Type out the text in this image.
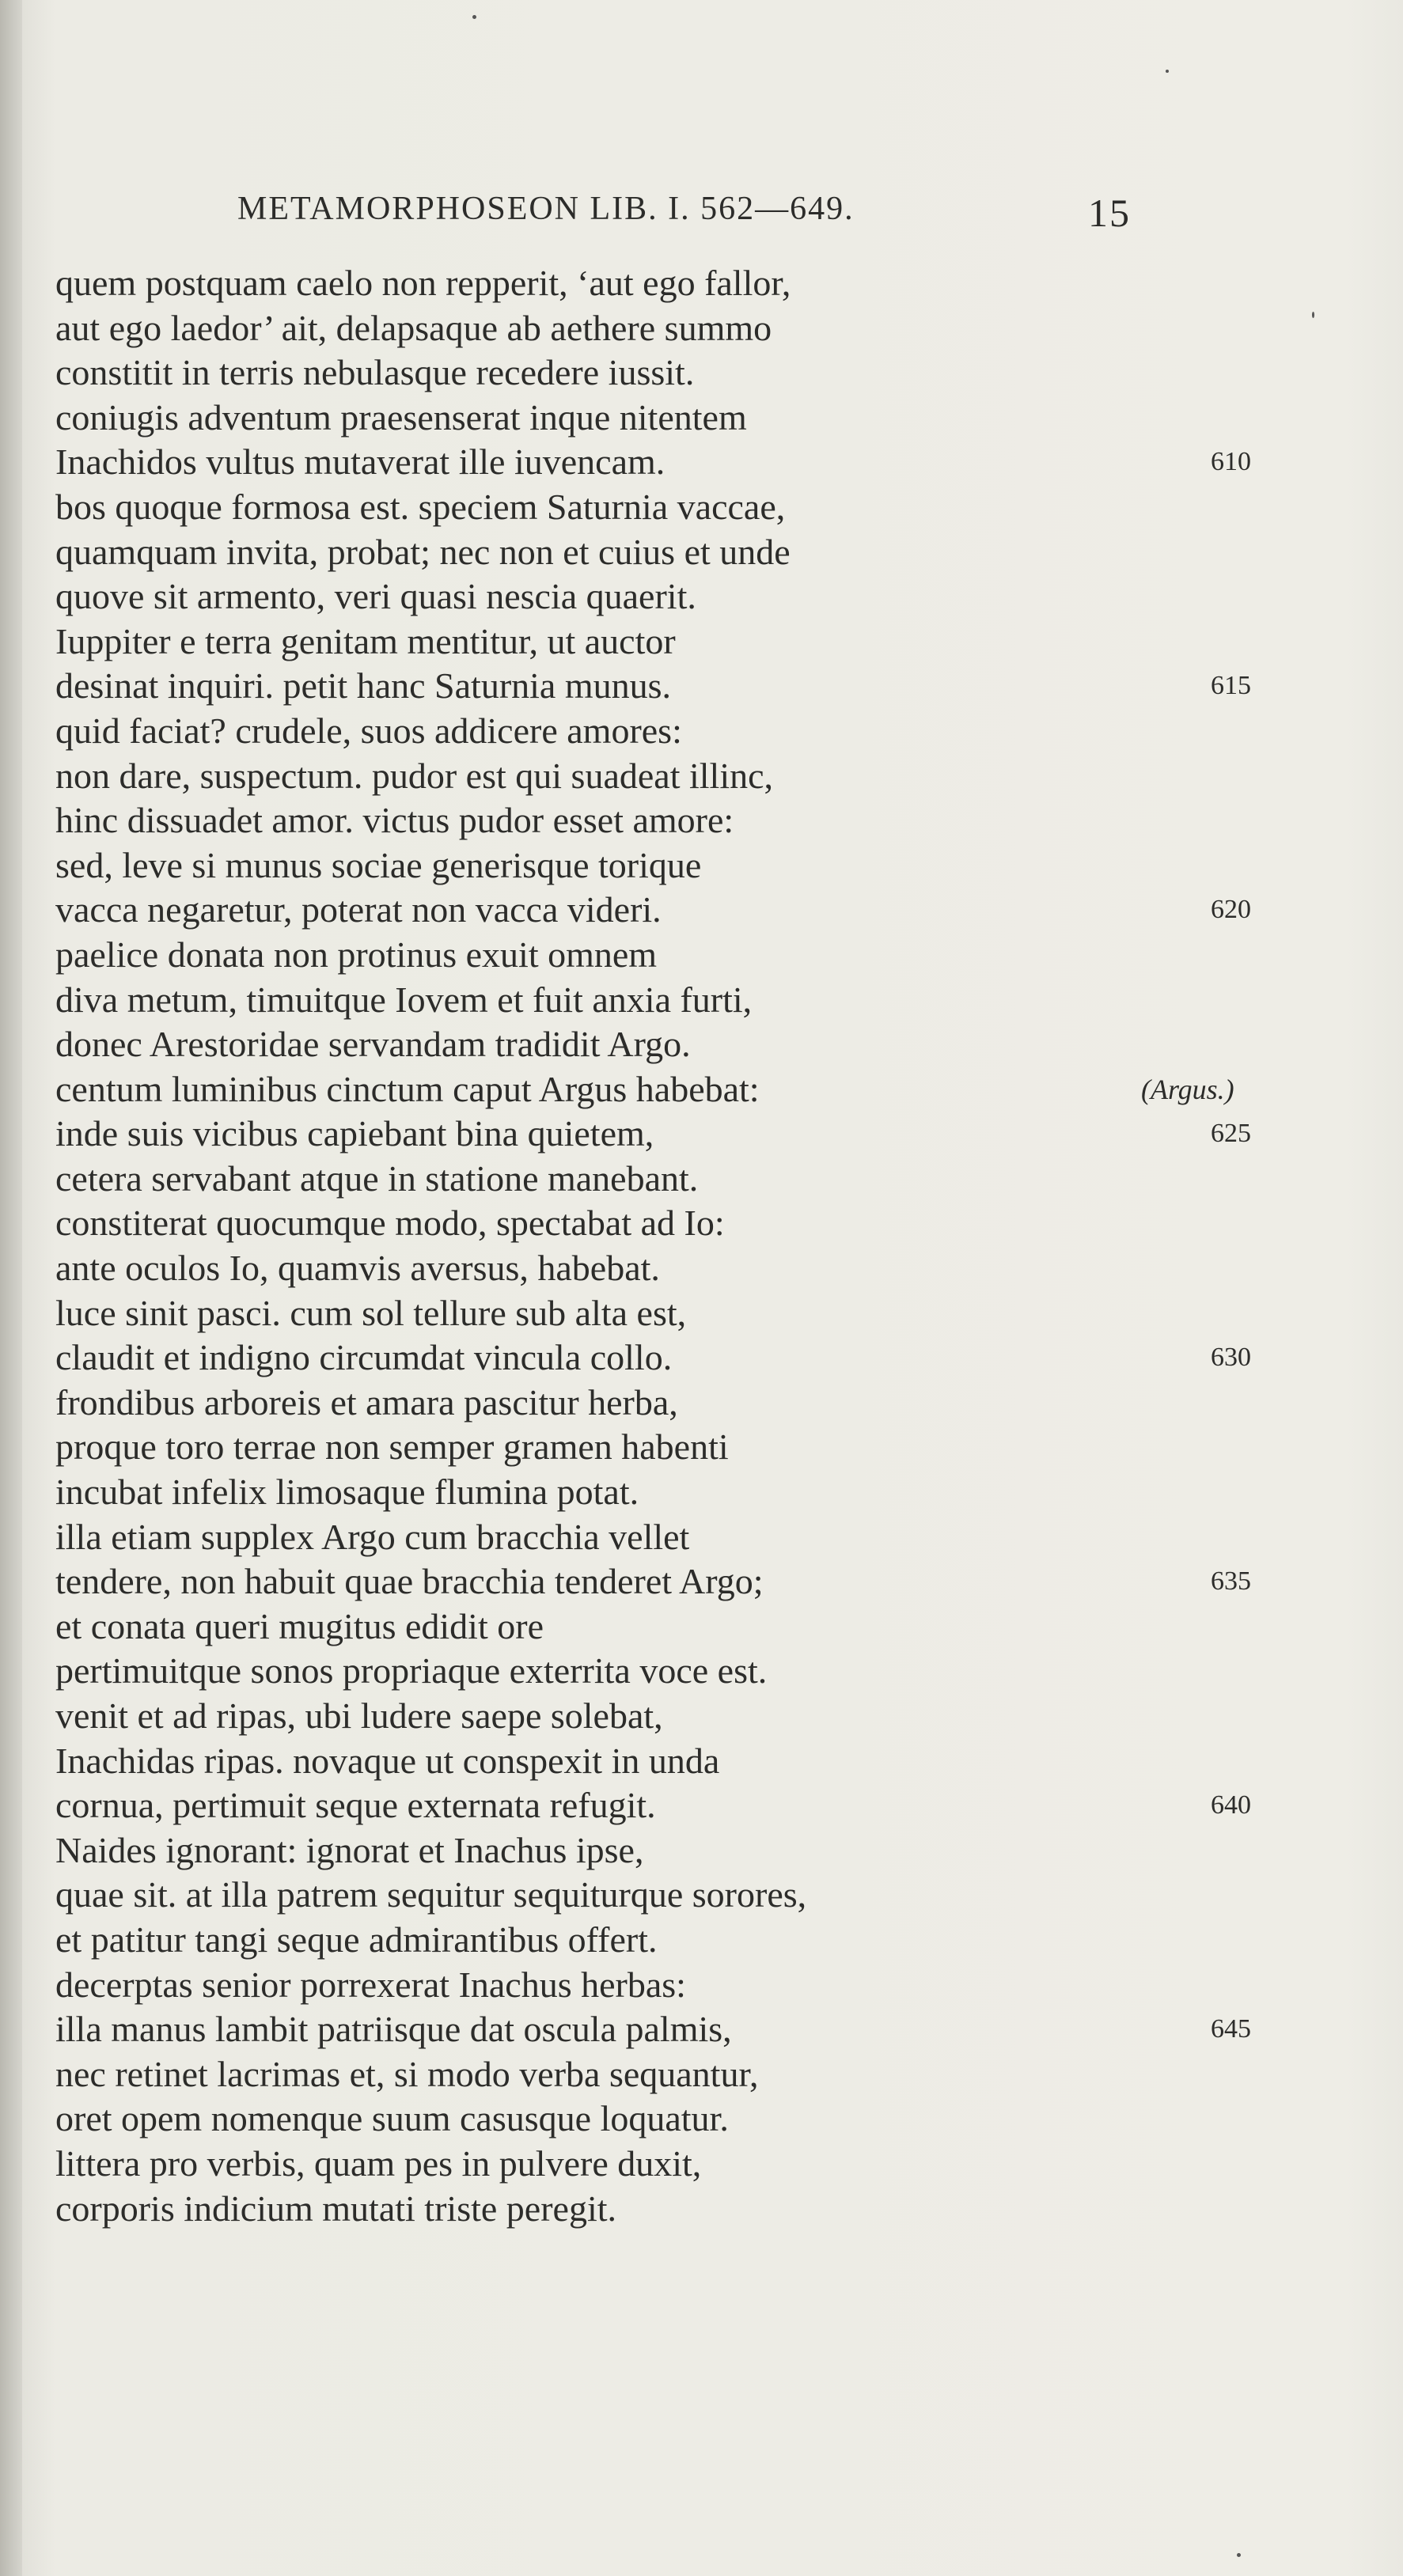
METAMORPHOSEON LIB. I. 562—649.	15
quem postquam caelo non repperit, ‘aut ego fallor,
aut ego laedor’ ait, delapsaque ab aethere summo
constitit in terris nebulasque recedere iussit.
coniugis adventum praesenserat inque nitentem
Inachidos vultus mutaverat ille iuvencam.	610
bos quoque formosa est. speciem Saturnia vaccae,
quamquam invita, probat; nec non et cuius et unde
quove sit armento, veri quasi nescia quaerit.
Iuppiter e terra genitam mentitur, ut auctor
desinat inquiri. petit hanc Saturnia munus.	615
quid faciat? crudele, suos addicere amores:
non dare, suspectum. pudor est qui suadeat illinc,
hinc dissuadet amor. victus pudor esset amore:
sed, leve si munus sociae generisque torique
vacca negaretur, poterat non vacca videri.	620
paelice donata non protinus exuit omnem
diva metum, timuitque Iovem et fuit anxia furti,
donec Arestoridae servandam tradidit Argo.
centum luminibus cinctum caput Argus habebat:	(Argus.)
inde suis vicibus capiebant bina quietem,	625
cetera servabant atque in statione manebant.
constiterat quocumque modo, spectabat ad Io:
ante oculos Io, quamvis aversus, habebat.
luce sinit pasci. cum sol tellure sub alta est,
claudit et indigno circumdat vincula collo.	630
frondibus arboreis et amara pascitur herba,
proque toro terrae non semper gramen habenti
incubat infelix limosaque flumina potat.
illa etiam supplex Argo cum bracchia vellet
tendere, non habuit quae bracchia tenderet Argo;	635
et conata queri mugitus edidit ore
pertimuitque sonos propriaque exterrita voce est.
venit et ad ripas, ubi ludere saepe solebat,
Inachidas ripas. novaque ut conspexit in unda
cornua, pertimuit seque externata refugit.	640
Naides ignorant: ignorat et Inachus ipse,
quae sit. at illa patrem sequitur sequiturque sorores,
et patitur tangi seque admirantibus offert.
decerptas senior porrexerat Inachus herbas:
illa manus lambit patriisque dat oscula palmis,	645
nec retinet lacrimas et, si modo verba sequantur,
oret opem nomenque suum casusque loquatur.
littera pro verbis, quam pes in pulvere duxit,
corporis indicium mutati triste peregit.
